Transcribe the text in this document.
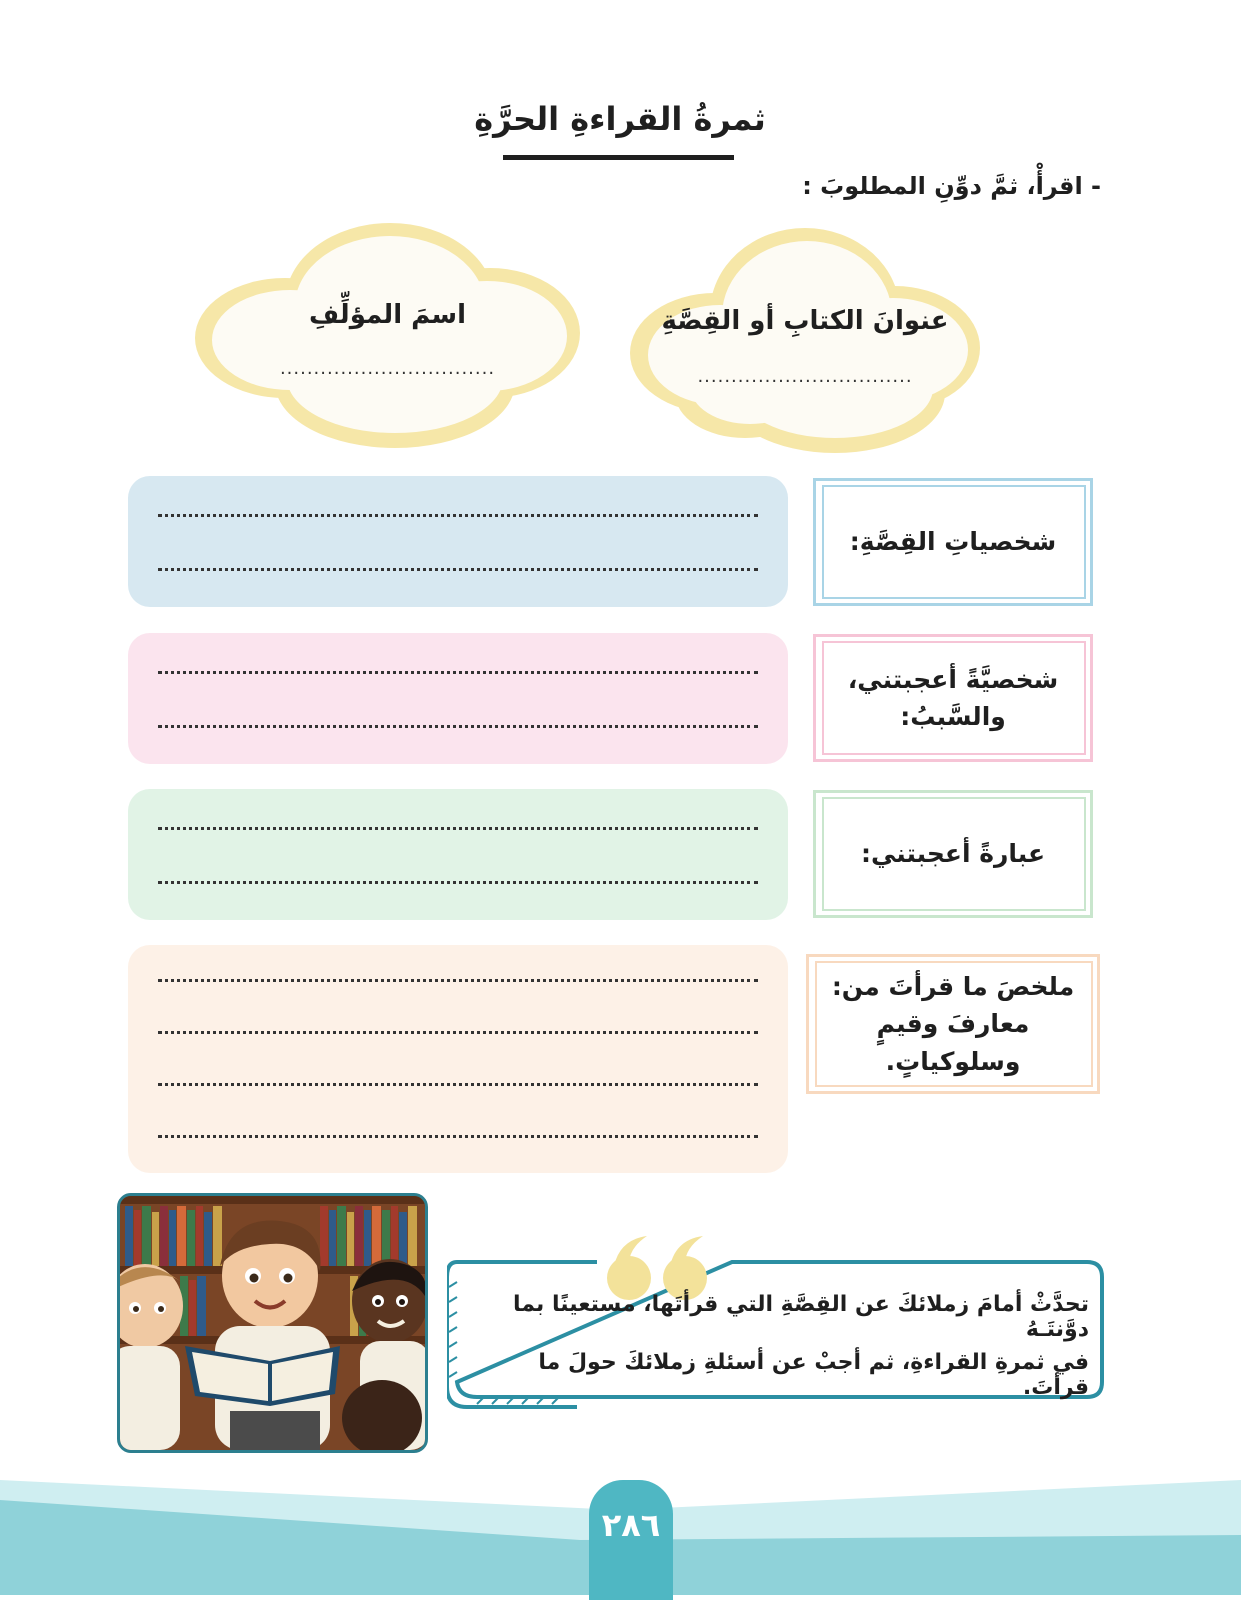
ثمرةُ القراءةِ الحرَّةِ
- اقرأْ، ثمَّ دوِّنِ المطلوبَ :
عنوانَ الكتابِ أو القِصَّةِ
................................
اسمَ المؤلِّفِ
................................
شخصياتِ القِصَّةِ:
شخصيَّةً أعجبتني،
والسَّببُ:
عبارةً أعجبتني:
ملخصَ ما قرأتَ من:
معارفَ وقيمٍ وسلوكياتٍ.
تحدَّثْ أمامَ زملائكَ عن القِصَّةِ التي قرأتَها، مستعينًا بما دوَّنتَـهُ
في ثمرةِ القراءةِ، ثم أجبْ عن أسئلةِ زملائكَ حولَ ما قرأتَ.
٢٨٦
